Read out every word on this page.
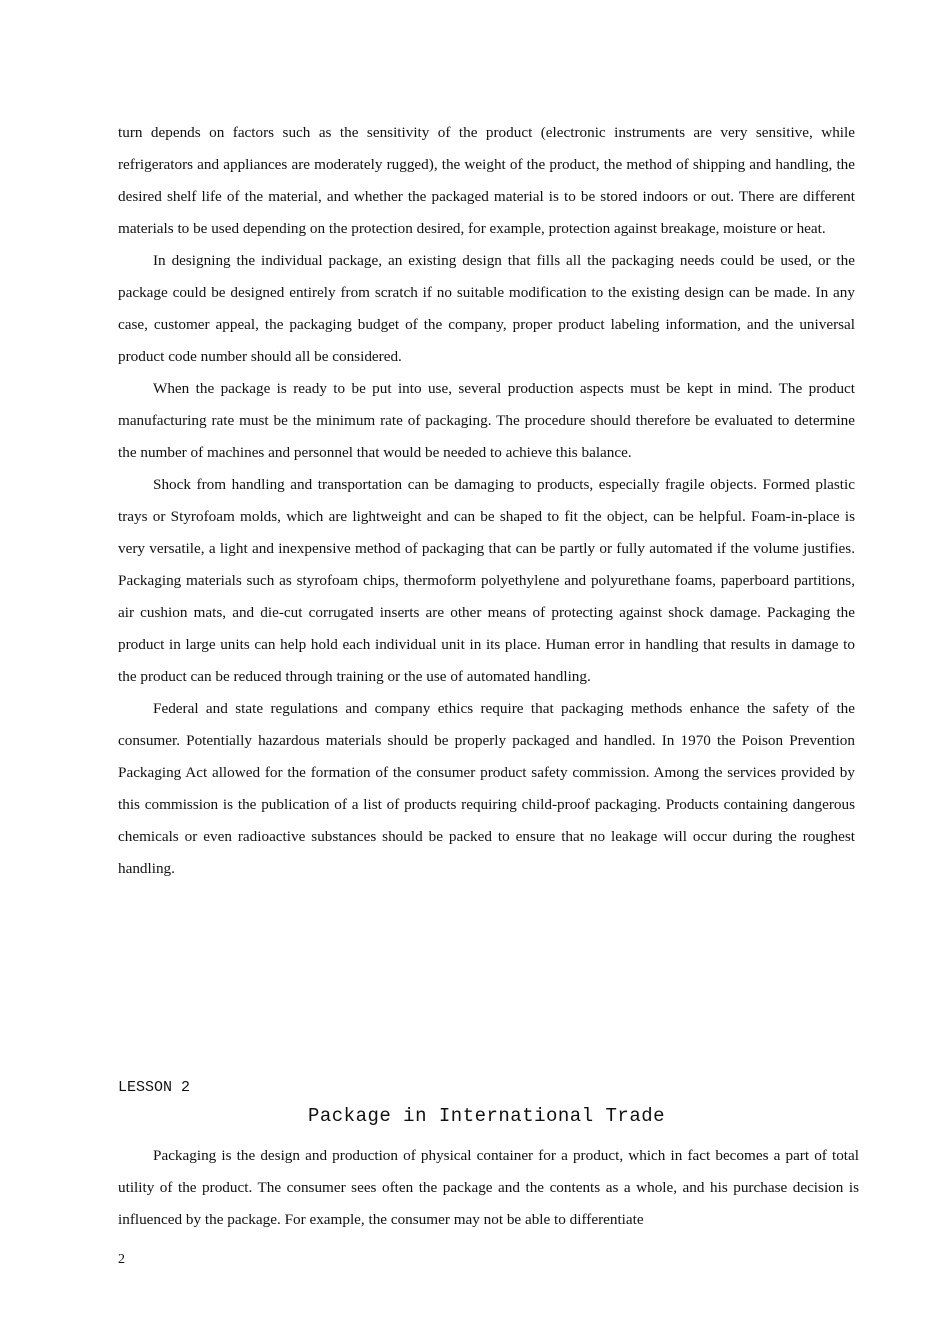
turn depends on factors such as the sensitivity of the product (electronic instruments are very sensitive, while refrigerators and appliances are moderately rugged), the weight of the product, the method of shipping and handling, the desired shelf life of the material, and whether the packaged material is to be stored indoors or out. There are different materials to be used depending on the protection desired, for example, protection against breakage, moisture or heat.

In designing the individual package, an existing design that fills all the packaging needs could be used, or the package could be designed entirely from scratch if no suitable modification to the existing design can be made. In any case, customer appeal, the packaging budget of the company, proper product labeling information, and the universal product code number should all be considered.

When the package is ready to be put into use, several production aspects must be kept in mind. The product manufacturing rate must be the minimum rate of packaging. The procedure should therefore be evaluated to determine the number of machines and personnel that would be needed to achieve this balance.

Shock from handling and transportation can be damaging to products, especially fragile objects. Formed plastic trays or Styrofoam molds, which are lightweight and can be shaped to fit the object, can be helpful. Foam-in-place is very versatile, a light and inexpensive method of packaging that can be partly or fully automated if the volume justifies. Packaging materials such as styrofoam chips, thermoform polyethylene and polyurethane foams, paperboard partitions, air cushion mats, and die-cut corrugated inserts are other means of protecting against shock damage. Packaging the product in large units can help hold each individual unit in its place. Human error in handling that results in damage to the product can be reduced through training or the use of automated handling.

Federal and state regulations and company ethics require that packaging methods enhance the safety of the consumer. Potentially hazardous materials should be properly packaged and handled. In 1970 the Poison Prevention Packaging Act allowed for the formation of the consumer product safety commission. Among the services provided by this commission is the publication of a list of products requiring child-proof packaging. Products containing dangerous chemicals or even radioactive substances should be packed to ensure that no leakage will occur during the roughest handling.

LESSON 2
Package in International Trade

Packaging is the design and production of physical container for a product, which in fact becomes a part of total utility of the product. The consumer sees often the package and the contents as a whole, and his purchase decision is influenced by the package. For example, the consumer may not be able to differentiate

2
